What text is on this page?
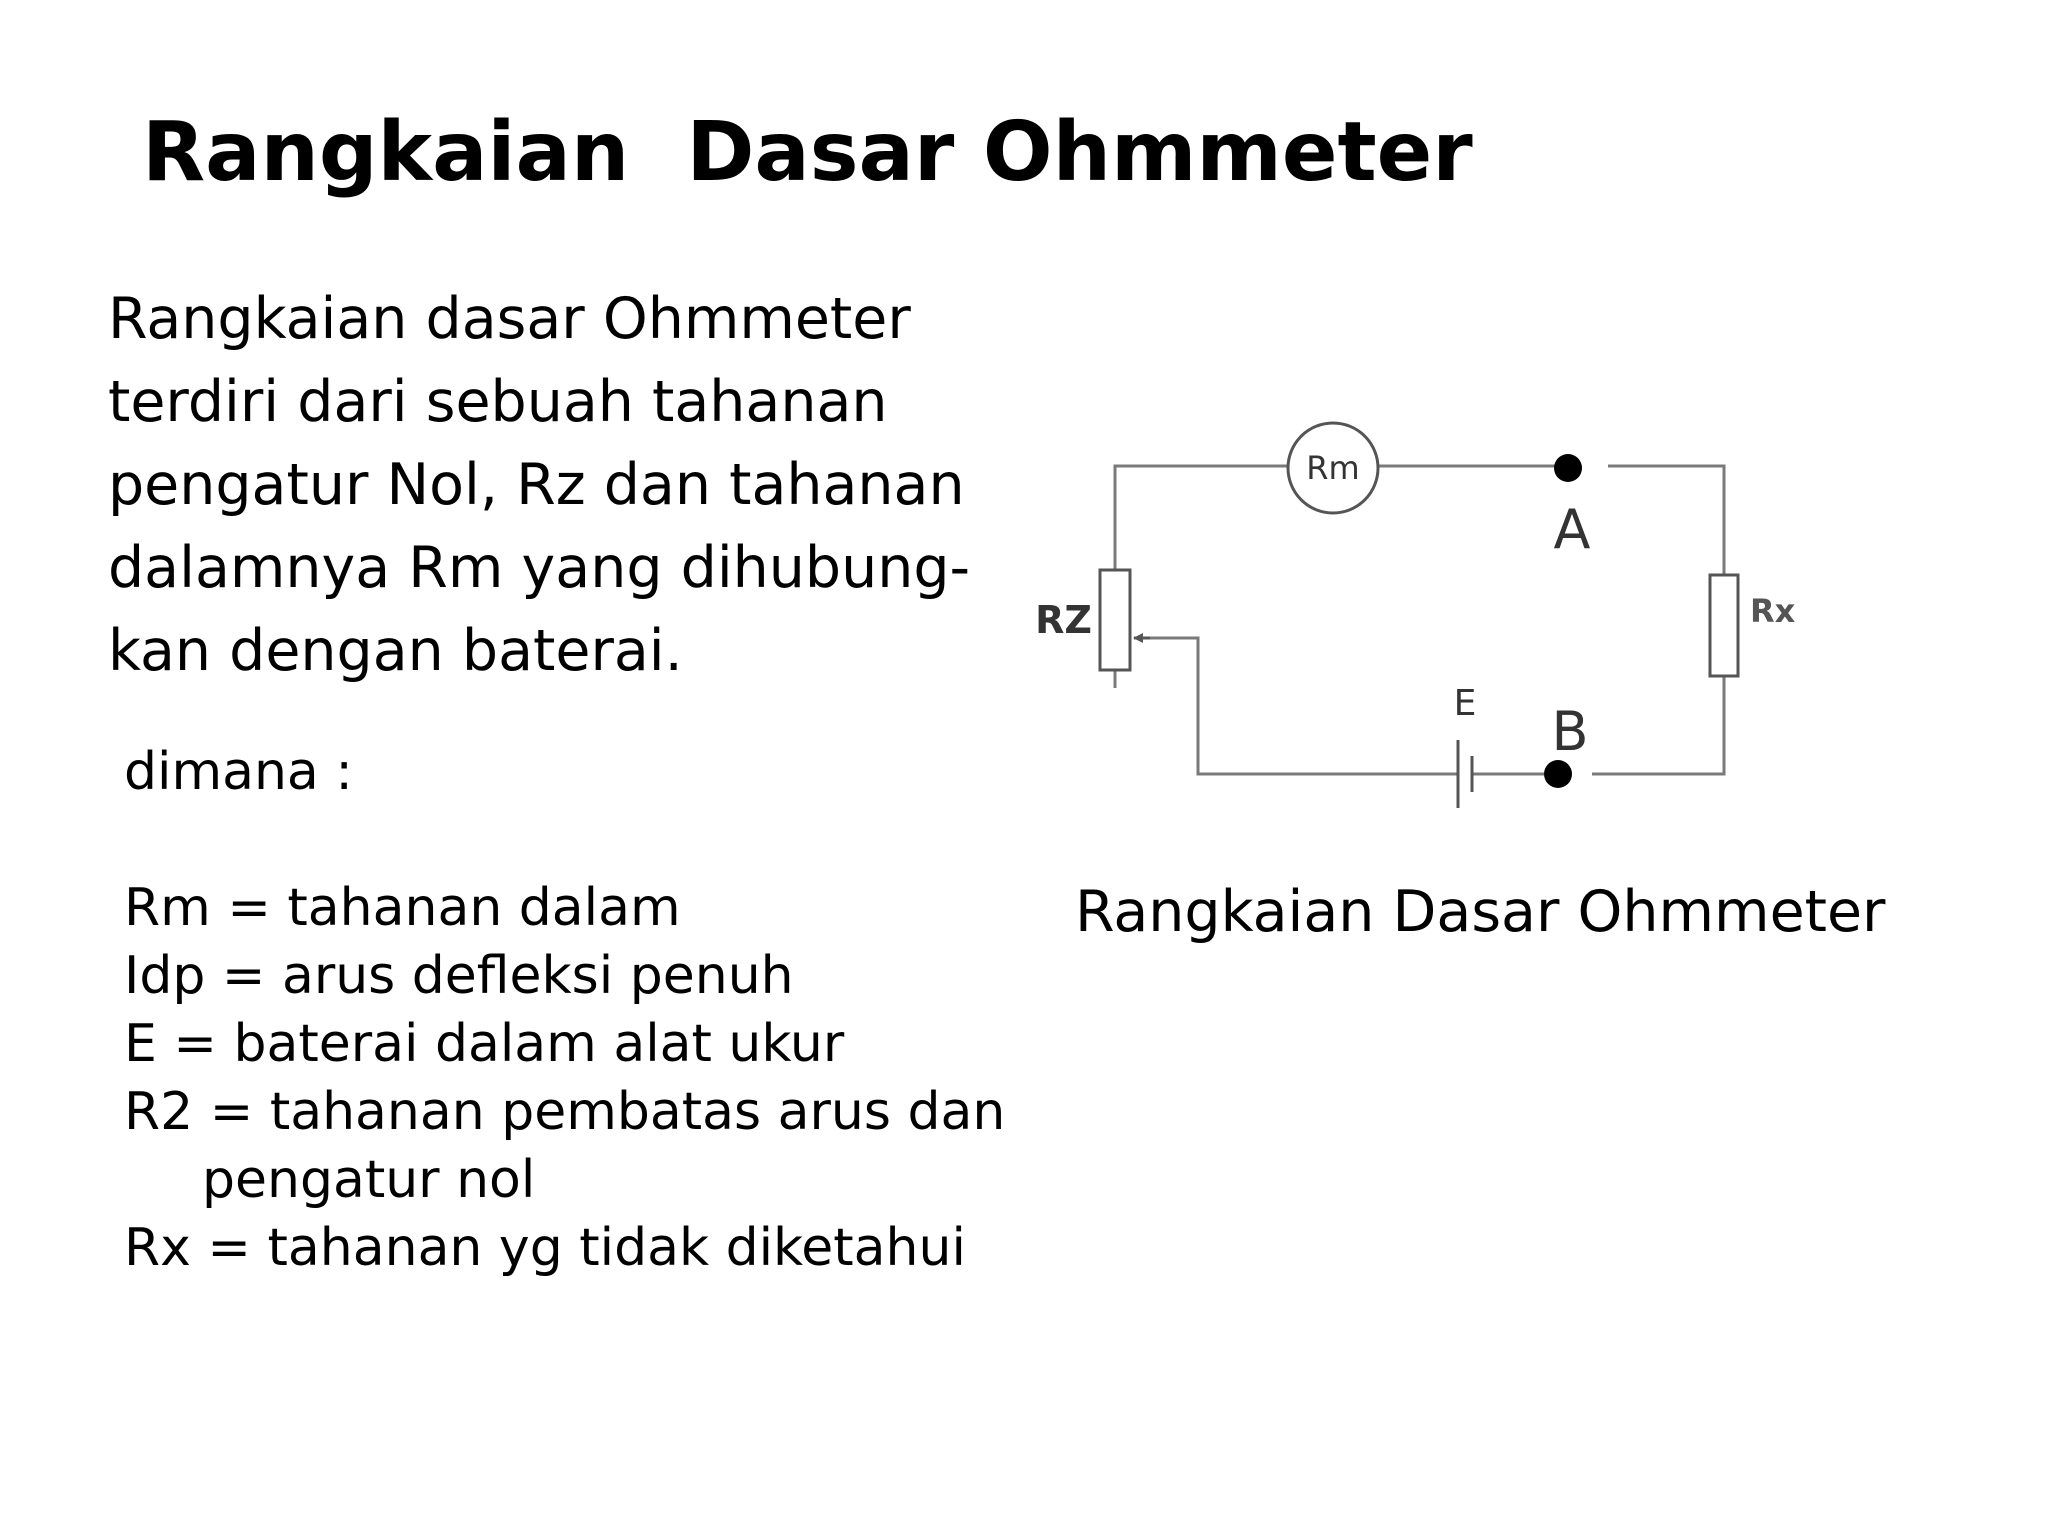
Rangkaian  Dasar Ohmmeter

Rangkaian dasar Ohmmeter
terdiri dari sebuah tahanan
pengatur Nol, Rz dan tahanan
dalamnya Rm yang dihubung-
kan dengan baterai.

dimana :

Rm = tahanan dalam
Idp = arus defleksi penuh
E = baterai dalam alat ukur
R2 = tahanan pembatas arus dan
pengatur nol
Rx = tahanan yg tidak diketahui
Rm
A
B
RZ	Rx
E

Rangkaian Dasar Ohmmeter
